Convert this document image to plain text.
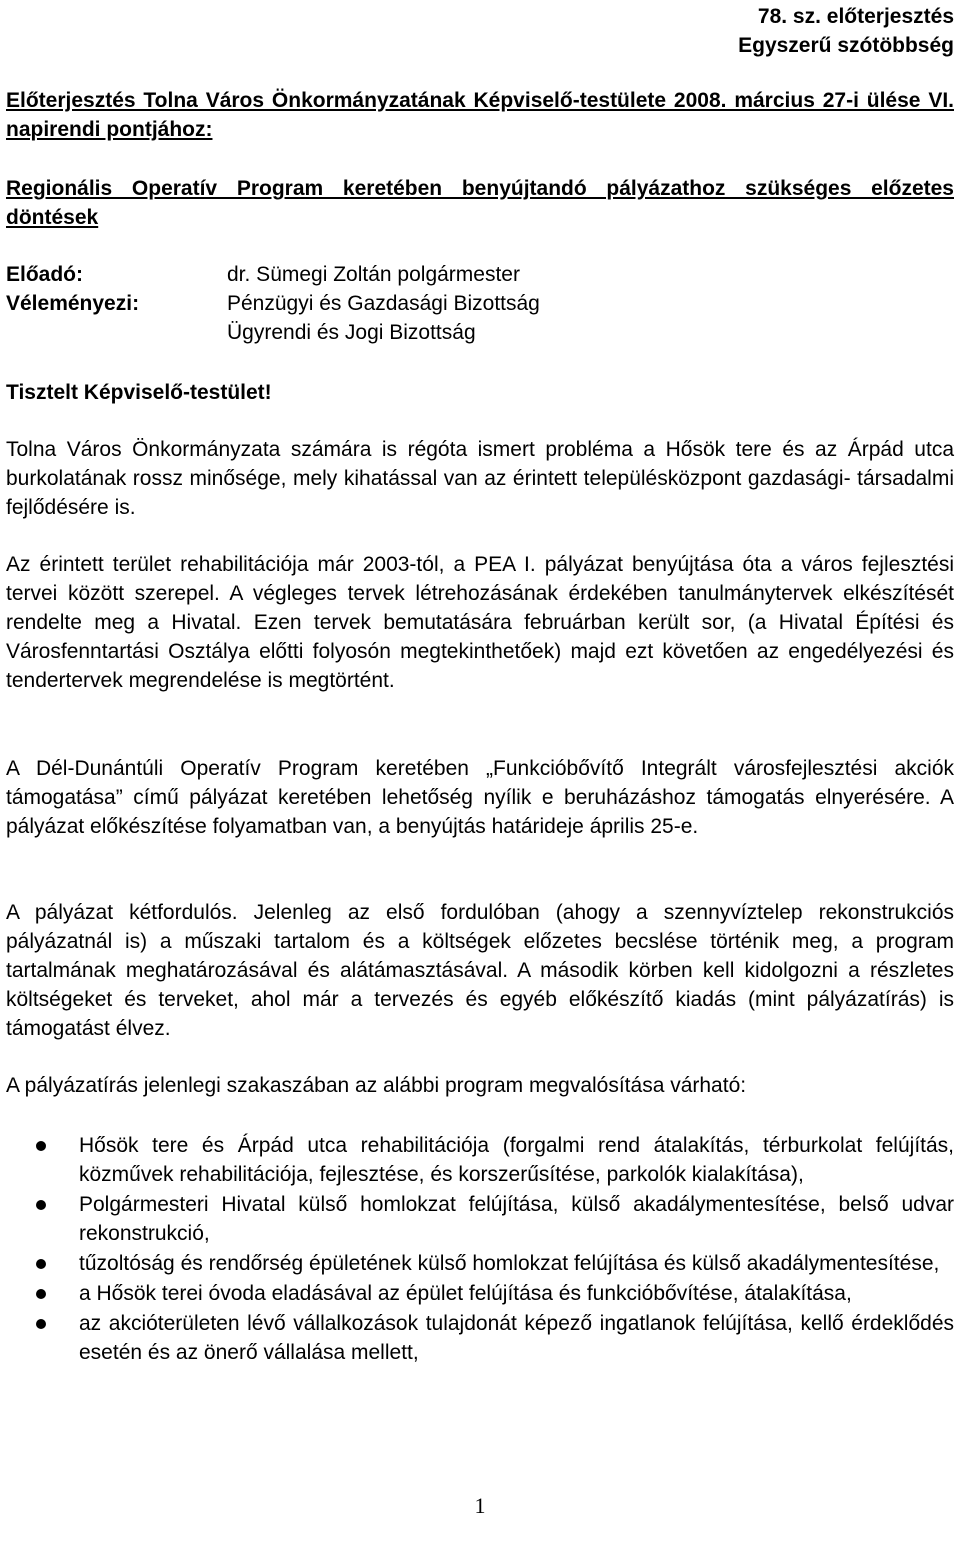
78. sz. előterjesztés
Egyszerű szótöbbség
Előterjesztés Tolna Város Önkormányzatának Képviselő-testülete 2008. március 27-i ülése VI. napirendi pontjához:
Regionális Operatív Program keretében benyújtandó pályázathoz szükséges előzetes döntések
Előadó:	dr. Sümegi Zoltán polgármester
Véleményezi:	Pénzügyi és Gazdasági Bizottság
Ügyrendi és Jogi Bizottság
Tisztelt Képviselő-testület!
Tolna Város Önkormányzata számára is régóta ismert probléma a Hősök tere és az Árpád utca burkolatának rossz minősége, mely kihatással van az érintett településközpont gazdasági- társadalmi fejlődésére is.
Az érintett terület rehabilitációja már 2003-tól, a PEA I. pályázat benyújtása óta a város fejlesztési tervei között szerepel. A végleges tervek létrehozásának érdekében tanulmánytervek elkészítését rendelte meg a Hivatal. Ezen tervek bemutatására februárban került sor, (a Hivatal Építési és Városfenntartási Osztálya előtti folyosón megtekinthetőek) majd ezt követően az engedélyezési és tendertervek megrendelése is megtörtént.
A Dél-Dunántúli Operatív Program keretében „Funkcióbővítő Integrált városfejlesztési akciók támogatása” című pályázat keretében lehetőség nyílik e beruházáshoz támogatás elnyerésére. A pályázat előkészítése folyamatban van, a benyújtás határideje április 25-e.
A pályázat kétfordulós. Jelenleg az első fordulóban (ahogy a szennyvíztelep rekonstrukciós pályázatnál is) a műszaki tartalom és a költségek előzetes becslése történik meg, a program tartalmának meghatározásával és alátámasztásával. A második körben kell kidolgozni a részletes költségeket és terveket, ahol már a tervezés és egyéb előkészítő kiadás (mint pályázatírás) is támogatást élvez.
A pályázatírás jelenlegi szakaszában az alábbi program megvalósítása várható:
Hősök tere és Árpád utca rehabilitációja (forgalmi rend átalakítás, térburkolat felújítás, közművek rehabilitációja, fejlesztése, és korszerűsítése, parkolók kialakítása),
Polgármesteri Hivatal külső homlokzat felújítása, külső akadálymentesítése, belső udvar rekonstrukció,
tűzoltóság és rendőrség épületének külső homlokzat felújítása és külső akadálymentesítése,
a Hősök terei óvoda eladásával az épület felújítása és funkcióbővítése, átalakítása,
az akcióterületen lévő vállalkozások tulajdonát képező ingatlanok felújítása, kellő érdeklődés esetén és az önerő vállalása mellett,
1
